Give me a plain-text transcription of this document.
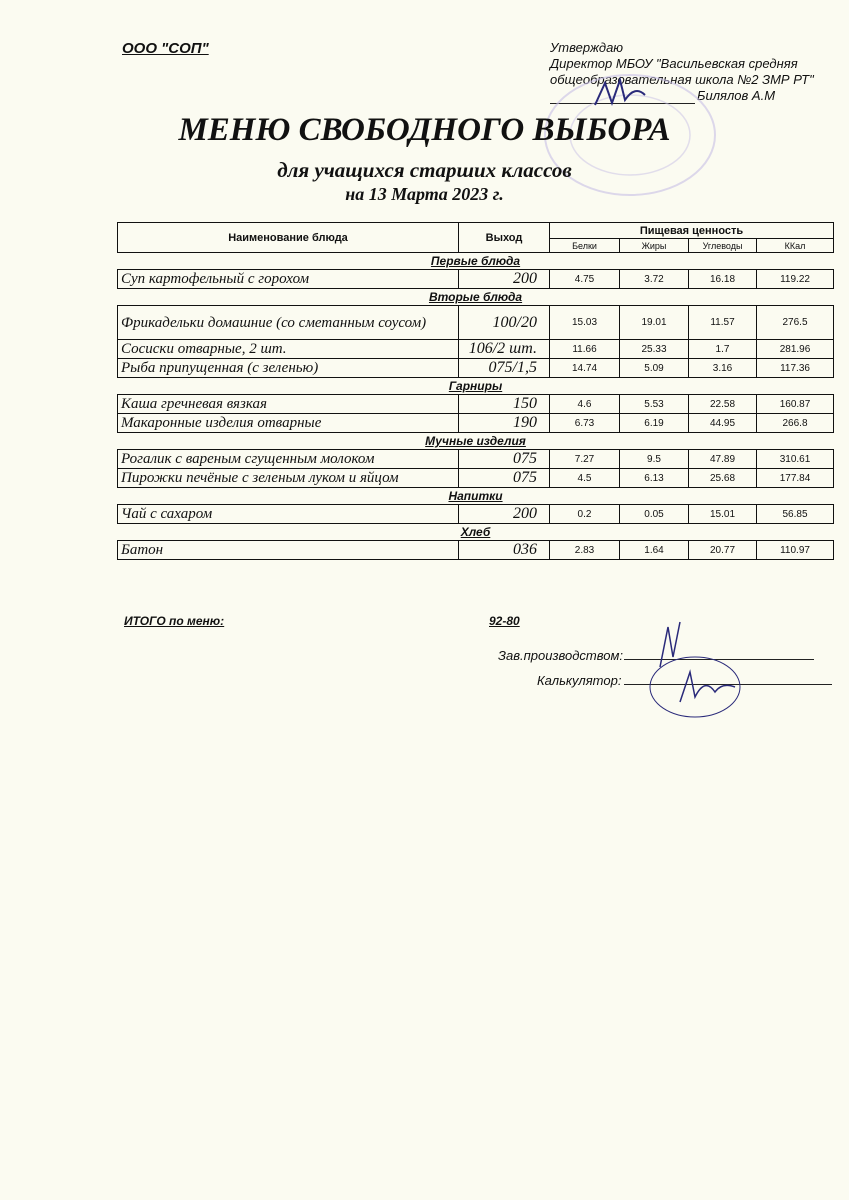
ООО "СОП"	Утверждаю
Директор МБОУ "Васильевская средняя
общеобразовательная школа №2 ЗМР РТ"
Билялов А.М
МЕНЮ СВОБОДНОГО ВЫБОРА
для учащихся старших классов
на 13 Марта 2023 г.
Наименование блюда	Выход	Пищевая ценность			
		Белки	Жиры	Углеводы	ККал
Первые блюда					
Суп картофельный с горохом	200	4.75	3.72	16.18	119.22
Вторые блюда					
Фрикадельки домашние (со сметанным соусом)	100/20	15.03	19.01	11.57	276.5
Сосиски отварные, 2 шт.	106/2 шт.	11.66	25.33	1.7	281.96
Рыба припущенная (с зеленью)	075/1,5	14.74	5.09	3.16	117.36
Гарниры					
Каша гречневая вязкая	150	4.6	5.53	22.58	160.87
Макаронные изделия отварные	190	6.73	6.19	44.95	266.8
Мучные изделия					
Рогалик с вареным сгущенным молоком	075	7.27	9.5	47.89	310.61
Пирожки печёные с зеленым луком и яйцом	075	4.5	6.13	25.68	177.84
Напитки					
Чай с сахаром	200	0.2	0.05	15.01	56.85
Хлеб					
Батон	036	2.83	1.64	20.77	110.97
ИТОГО по меню:	92-80
Зав.производством:
Калькулятор:
